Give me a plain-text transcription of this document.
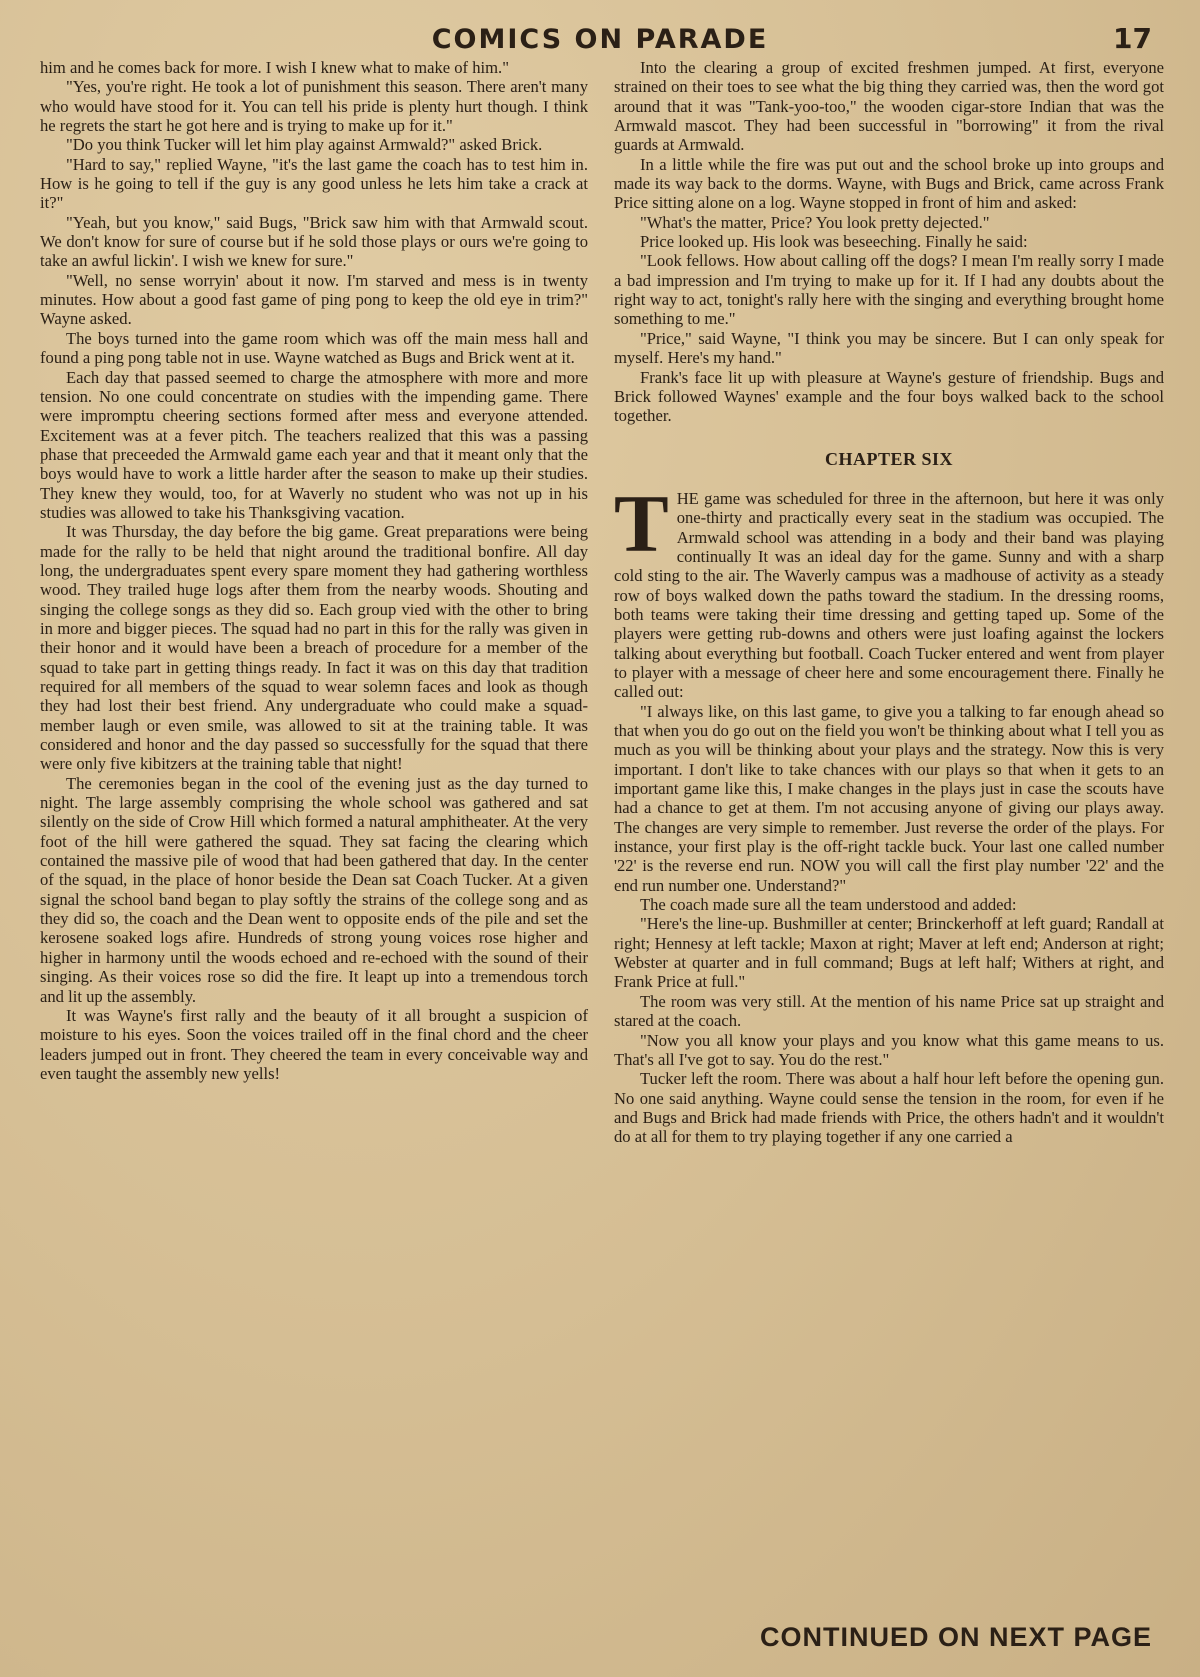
COMICS ON PARADE	17

him and he comes back for more. I wish I knew what to make of him."

"Yes, you're right. He took a lot of punishment this season. There aren't many who would have stood for it. You can tell his pride is plenty hurt though. I think he regrets the start he got here and is trying to make up for it."

"Do you think Tucker will let him play against Armwald?" asked Brick.

"Hard to say," replied Wayne, "it's the last game the coach has to test him in. How is he going to tell if the guy is any good unless he lets him take a crack at it?"

"Yeah, but you know," said Bugs, "Brick saw him with that Armwald scout. We don't know for sure of course but if he sold those plays or ours we're going to take an awful lickin'. I wish we knew for sure."

"Well, no sense worryin' about it now. I'm starved and mess is in twenty minutes. How about a good fast game of ping pong to keep the old eye in trim?" Wayne asked.

The boys turned into the game room which was off the main mess hall and found a ping pong table not in use. Wayne watched as Bugs and Brick went at it.

Each day that passed seemed to charge the atmosphere with more and more tension. No one could concentrate on studies with the impending game. There were impromptu cheering sections formed after mess and everyone attended. Excitement was at a fever pitch. The teachers realized that this was a passing phase that preceeded the Armwald game each year and that it meant only that the boys would have to work a little harder after the season to make up their studies. They knew they would, too, for at Waverly no student who was not up in his studies was allowed to take his Thanksgiving vacation.

It was Thursday, the day before the big game. Great preparations were being made for the rally to be held that night around the traditional bonfire. All day long, the undergraduates spent every spare moment they had gathering worthless wood. They trailed huge logs after them from the nearby woods. Shouting and singing the college songs as they did so. Each group vied with the other to bring in more and bigger pieces. The squad had no part in this for the rally was given in their honor and it would have been a breach of procedure for a member of the squad to take part in getting things ready. In fact it was on this day that tradition required for all members of the squad to wear solemn faces and look as though they had lost their best friend. Any undergraduate who could make a squad-member laugh or even smile, was allowed to sit at the training table. It was considered and honor and the day passed so successfully for the squad that there were only five kibitzers at the training table that night!

The ceremonies began in the cool of the evening just as the day turned to night. The large assembly comprising the whole school was gathered and sat silently on the side of Crow Hill which formed a natural amphitheater. At the very foot of the hill were gathered the squad. They sat facing the clearing which contained the massive pile of wood that had been gathered that day. In the center of the squad, in the place of honor beside the Dean sat Coach Tucker. At a given signal the school band began to play softly the strains of the college song and as they did so, the coach and the Dean went to opposite ends of the pile and set the kerosene soaked logs afire. Hundreds of strong young voices rose higher and higher in harmony until the woods echoed and re-echoed with the sound of their singing. As their voices rose so did the fire. It leapt up into a tremendous torch and lit up the assembly.

It was Wayne's first rally and the beauty of it all brought a suspicion of moisture to his eyes. Soon the voices trailed off in the final chord and the cheer leaders jumped out in front. They cheered the team in every conceivable way and even taught the assembly new yells!

Into the clearing a group of excited freshmen jumped. At first, everyone strained on their toes to see what the big thing they carried was, then the word got around that it was "Tank-yoo-too," the wooden cigar-store Indian that was the Armwald mascot. They had been successful in "borrowing" it from the rival guards at Armwald.

In a little while the fire was put out and the school broke up into groups and made its way back to the dorms. Wayne, with Bugs and Brick, came across Frank Price sitting alone on a log. Wayne stopped in front of him and asked:

"What's the matter, Price? You look pretty dejected."

Price looked up. His look was beseeching. Finally he said:

"Look fellows. How about calling off the dogs? I mean I'm really sorry I made a bad impression and I'm trying to make up for it. If I had any doubts about the right way to act, tonight's rally here with the singing and everything brought home something to me."

"Price," said Wayne, "I think you may be sincere. But I can only speak for myself. Here's my hand."

Frank's face lit up with pleasure at Wayne's gesture of friendship. Bugs and Brick followed Waynes' example and the four boys walked back to the school together.

CHAPTER SIX

THE game was scheduled for three in the afternoon, but here it was only one-thirty and practically every seat in the stadium was occupied. The Armwald school was attending in a body and their band was playing continually It was an ideal day for the game. Sunny and with a sharp cold sting to the air. The Waverly campus was a madhouse of activity as a steady row of boys walked down the paths toward the stadium. In the dressing rooms, both teams were taking their time dressing and getting taped up. Some of the players were getting rub-downs and others were just loafing against the lockers talking about everything but football. Coach Tucker entered and went from player to player with a message of cheer here and some encouragement there. Finally he called out:

"I always like, on this last game, to give you a talking to far enough ahead so that when you do go out on the field you won't be thinking about what I tell you as much as you will be thinking about your plays and the strategy. Now this is very important. I don't like to take chances with our plays so that when it gets to an important game like this, I make changes in the plays just in case the scouts have had a chance to get at them. I'm not accusing anyone of giving our plays away. The changes are very simple to remember. Just reverse the order of the plays. For instance, your first play is the off-right tackle buck. Your last one called number '22' is the reverse end run. NOW you will call the first play number '22' and the end run number one. Understand?"

The coach made sure all the team understood and added:

"Here's the line-up. Bushmiller at center; Brinckerhoff at left guard; Randall at right; Hennesy at left tackle; Maxon at right; Maver at left end; Anderson at right; Webster at quarter and in full command; Bugs at left half; Withers at right, and Frank Price at full."

The room was very still. At the mention of his name Price sat up straight and stared at the coach.

"Now you all know your plays and you know what this game means to us. That's all I've got to say. You do the rest."

Tucker left the room. There was about a half hour left before the opening gun. No one said anything. Wayne could sense the tension in the room, for even if he and Bugs and Brick had made friends with Price, the others hadn't and it wouldn't do at all for them to try playing together if any one carried a

CONTINUED ON NEXT PAGE
